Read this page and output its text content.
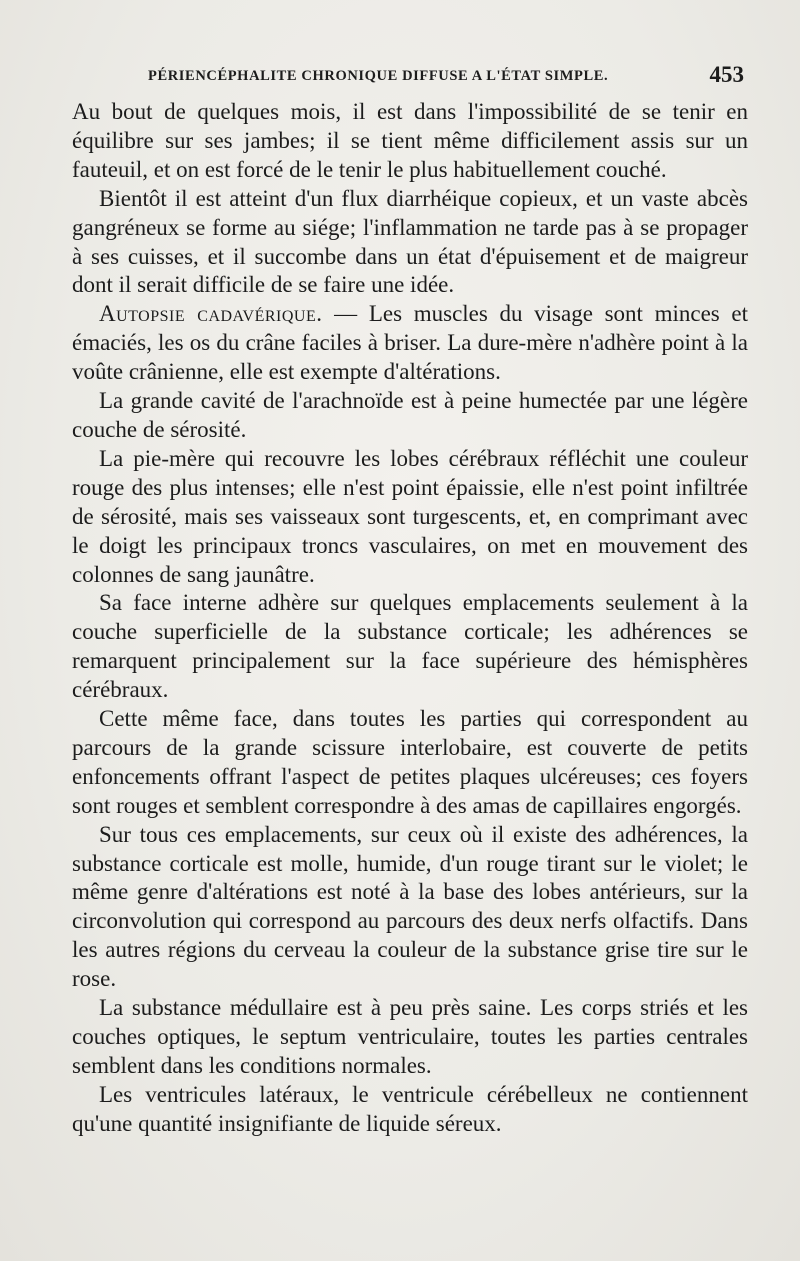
PÉRIENCÉPHALITE CHRONIQUE DIFFUSE A L'ÉTAT SIMPLE.	453

Au bout de quelques mois, il est dans l'impossibilité de se tenir en équilibre sur ses jambes; il se tient même difficilement assis sur un fauteuil, et on est forcé de le tenir le plus habituellement couché.

Bientôt il est atteint d'un flux diarrhéique copieux, et un vaste abcès gangréneux se forme au siége; l'inflammation ne tarde pas à se propager à ses cuisses, et il succombe dans un état d'épuisement et de maigreur dont il serait difficile de se faire une idée.

Autopsie cadavérique. — Les muscles du visage sont minces et émaciés, les os du crâne faciles à briser. La dure-mère n'adhère point à la voûte crânienne, elle est exempte d'altérations.

La grande cavité de l'arachnoïde est à peine humectée par une légère couche de sérosité.

La pie-mère qui recouvre les lobes cérébraux réfléchit une couleur rouge des plus intenses; elle n'est point épaissie, elle n'est point infiltrée de sérosité, mais ses vaisseaux sont turgescents, et, en comprimant avec le doigt les principaux troncs vasculaires, on met en mouvement des colonnes de sang jaunâtre.

Sa face interne adhère sur quelques emplacements seulement à la couche superficielle de la substance corticale; les adhérences se remarquent principalement sur la face supérieure des hémisphères cérébraux.

Cette même face, dans toutes les parties qui correspondent au parcours de la grande scissure interlobaire, est couverte de petits enfoncements offrant l'aspect de petites plaques ulcéreuses; ces foyers sont rouges et semblent correspondre à des amas de capillaires engorgés.

Sur tous ces emplacements, sur ceux où il existe des adhérences, la substance corticale est molle, humide, d'un rouge tirant sur le violet; le même genre d'altérations est noté à la base des lobes antérieurs, sur la circonvolution qui correspond au parcours des deux nerfs olfactifs. Dans les autres régions du cerveau la couleur de la substance grise tire sur le rose.

La substance médullaire est à peu près saine. Les corps striés et les couches optiques, le septum ventriculaire, toutes les parties centrales semblent dans les conditions normales.

Les ventricules latéraux, le ventricule cérébelleux ne contiennent qu'une quantité insignifiante de liquide séreux.
